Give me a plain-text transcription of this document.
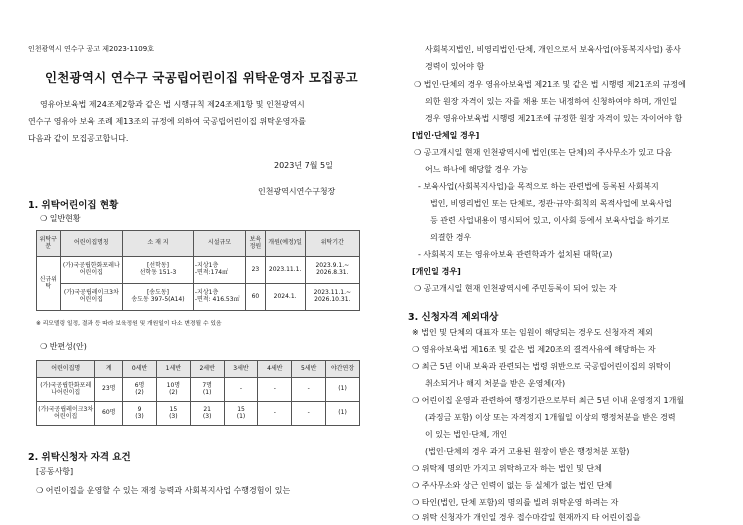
인천광역시 연수구 공고 제2023-1109호
인천광역시 연수구 국공립어린이집 위탁운영자 모집공고
영유아보육법 제24조제2항과 같은 법 시행규칙 제24조제1항 및 인천광역시
연수구 영유아 보육 조례 제13조의 규정에 의하여 국공립어린이집 위탁운영자를
다음과 같이 모집공고합니다.
2023년 7월 5일
인천광역시연수구청장
1. 위탁어린이집 현황
❍ 일반현황
위탁구분	어린이집명칭	소 재 지	시설규모	보육정원	개원(예정)일	위탁기간
신규위탁	(가)국공립한화포레나어린이집	[선학동]
선학동 151-3	-지상1층
-면적:174㎡	23	2023.11.1.	2023.9.1.~
2026.8.31.
	(가)국공립레이크3차어린이집	[송도동]
송도동 397-5(A14)	-지상1층
-면적: 416.53㎡	60	2024.1.	2023.11.1.~
2026.10.31.
※ 리모델링 일정, 결과 등 따라 보육정원 및 개원일이 다소 변경될 수 있음
❍ 반편성(안)
어린이집명	계	0세반	1세반	2세반	3세반	4세반	5세반	야간연장
(가)국공립한화포레나어린이집	23명	6명
(2)	10명
(2)	7명
(1)	-	-	-	(1)
(가)국공립레이크3차어린이집	60명	9
(3)	15
(3)	21
(3)	15
(1)	-	-	(1)
2. 위탁신청자 자격 요건
[공동사항]
❍ 어린이집을 운영할 수 있는 재정 능력과 사회복지사업 수행경험이 있는
사회복지법인, 비영리법인·단체, 개인으로서 보육사업(아동복지사업) 종사
경력이 있어야 함
❍ 법인·단체의 경우 영유아보육법 제21조 및 같은 법 시행령 제21조의 규정에
의한 원장 자격이 있는 자를 채용 또는 내정하여 신청하여야 하며, 개인일
경우 영유아보육법 시행령 제21조에 규정한 원장 자격이 있는 자이어야 함
[법인·단체일 경우]
❍ 공고개시일 현재 인천광역시에 법인(또는 단체)의 주사무소가 있고 다음
어느 하나에 해당할 경우 가능
- 보육사업(사회복지사업)을 목적으로 하는 관련법에 등록된 사회복지
법인, 비영리법인 또는 단체로, 정관·규약·회칙의 목적사업에 보육사업
등 관련 사업내용이 명시되어 있고, 이사회 등에서 보육사업을 하기로
의결한 경우
- 사회복지 또는 영유아보육 관련학과가 설치된 대학(교)
[개인일 경우]
❍ 공고개시일 현재 인천광역시에 주민등록이 되어 있는 자
3. 신청자격 제외대상
※ 법인 및 단체의 대표자 또는 임원이 해당되는 경우도 신청자격 제외
❍ 영유아보육법 제16조 및 같은 법 제20조의 결격사유에 해당하는 자
❍ 최근 5년 이내 보육과 관련되는 법령 위반으로 국공립어린이집의 위탁이
취소되거나 해지 처분을 받은 운영체(자)
❍ 어린이집 운영과 관련하여 행정기관으로부터 최근 5년 이내 운영정지 1개월
(과징금 포함) 이상 또는 자격정지 1개월일 이상의 행정처분을 받은 경력
이 있는 법인·단체, 개인
(법인·단체의 경우 과거 고용된 원장이 받은 행정처분 포함)
❍ 위탁제 명의만 가지고 위탁하고자 하는 법인 및 단체
❍ 주사무소와 상근 인력이 없는 등 실체가 없는 법인 단체
❍ 타인(법인, 단체 포함)의 명의를 빌려 위탁운영 하려는 자
❍ 위탁 신청자가 개인일 경우 접수마감일 현재까지 타 어린이집을
